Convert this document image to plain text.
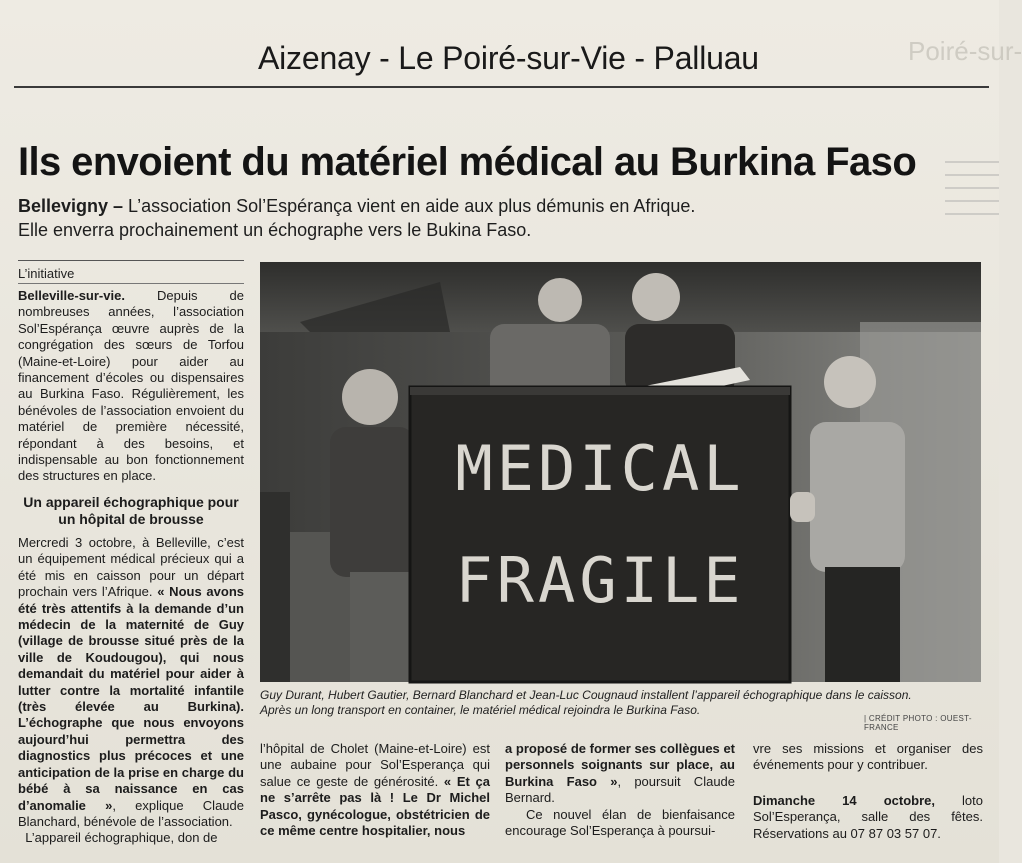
Poiré-sur-
Aizenay - Le Poiré-sur-Vie - Palluau
Ils envoient du matériel médical au Burkina Faso
Bellevigny – L’association Sol’Espérança vient en aide aux plus démunis en Afrique.
Elle enverra prochainement un échographe vers le Bukina Faso.
L’initiative
Belleville-sur-vie. Depuis de nombreuses années, l’association Sol’Espérança œuvre auprès de la congrégation des sœurs de Torfou (Maine-et-Loire) pour aider au financement d’écoles ou dispensaires au Burkina Faso. Régulièrement, les bénévoles de l’association envoient du matériel de première nécessité, répondant à des besoins, et indispensable au bon fonctionnement des structures en place.
Un appareil échographique pour un hôpital de brousse
Mercredi 3 octobre, à Belleville, c’est un équipement médical précieux qui a été mis en caisson pour un départ prochain vers l’Afrique. « Nous avons été très attentifs à la demande d’un médecin de la maternité de Guy (village de brousse situé près de la ville de Koudougou), qui nous demandait du matériel pour aider à lutter contre la mortalité infantile (très élevée au Burkina). L’échographe que nous envoyons aujourd’hui permettra des diagnostics plus précoces et une anticipation de la prise en charge du bébé à sa naissance en cas d’anomalie », explique Claude Blanchard, bénévole de l’association.
L’appareil échographique, don de
MEDICAL
FRAGILE
Guy Durant, Hubert Gautier, Bernard Blanchard et Jean-Luc Cougnaud installent l’appareil échographique dans le caisson.
Après un long transport en container, le matériel médical rejoindra le Burkina Faso.
| CRÉDIT PHOTO : OUEST-FRANCE
l’hôpital de Cholet (Maine-et-Loire) est une aubaine pour Sol’Esperança qui salue ce geste de générosité. « Et ça ne s’arrête pas là ! Le Dr Michel Pasco, gynécologue, obstétricien de ce même centre hospitalier, nous
a proposé de former ses collègues et personnels soignants sur place, au Burkina Faso », poursuit Claude Bernard.
Ce nouvel élan de bienfaisance encourage Sol’Esperança à poursui-
vre ses missions et organiser des événements pour y contribuer.
Dimanche 14 octobre, loto Sol’Esperança, salle des fêtes. Réservations au 07 87 03 57 07.
